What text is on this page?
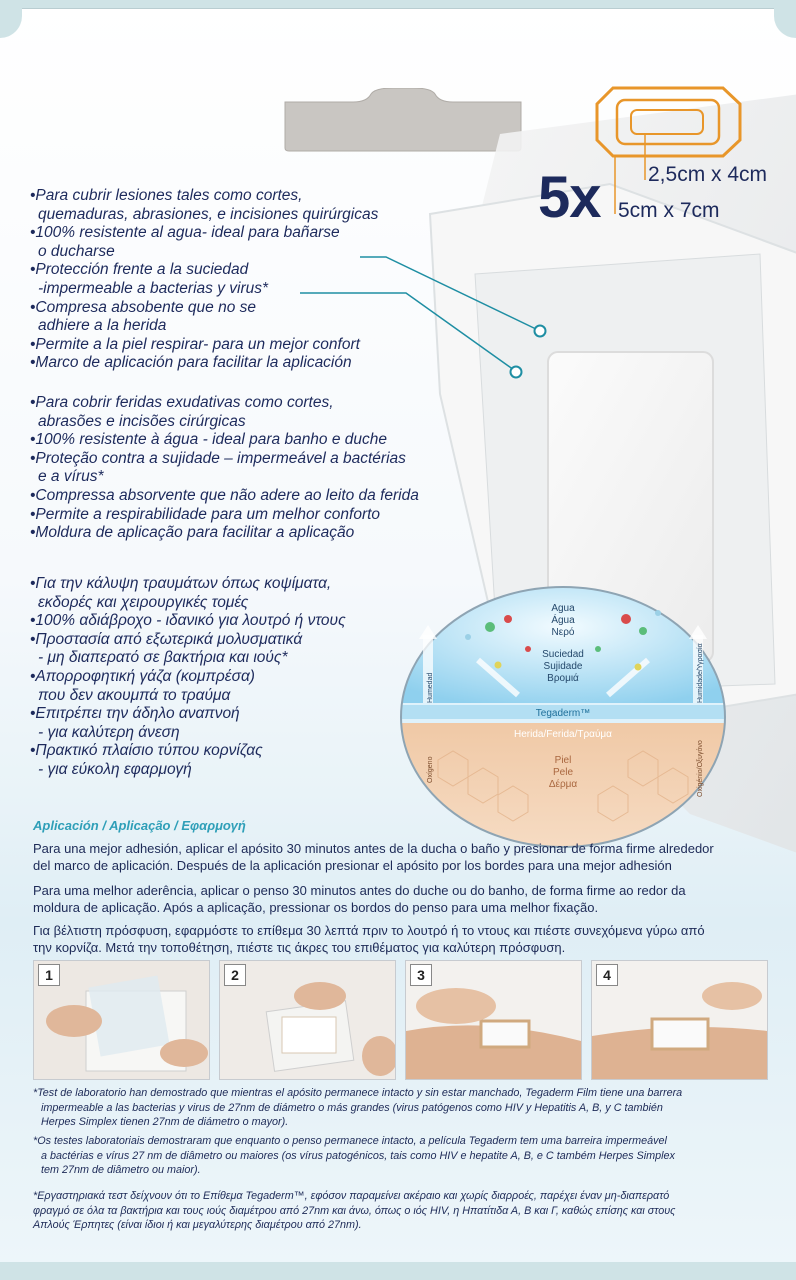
5x 2,5cm x 4cm
5cm x 7cm
•Para cubrir lesiones tales como cortes,
quemaduras, abrasiones, e incisiones quirúrgicas
•100% resistente al agua- ideal para bañarse
o ducharse
•Protección frente a la suciedad
-impermeable a bacterias y virus*
•Compresa absobente que no se
adhiere a la herida
•Permite a la piel respirar- para un mejor confort
•Marco de aplicación para facilitar la aplicación
•Para cobrir feridas exudativas como cortes,
abrasões e incisões cirúrgicas
•100% resistente à água - ideal para banho e duche
•Proteção contra a sujidade – impermeável a bactérias
e a vírus*
•Compressa absorvente que não adere ao leito da ferida
•Permite a respirabilidade para um melhor conforto
•Moldura de aplicação para facilitar a aplicação
•Για την κάλυψη τραυμάτων όπως κοψίματα,
εκδορές και χειρουργικές τομές
•100% αδιάβροχο - ιδανικό για λουτρό ή ντους
•Προστασία από εξωτερικά μολυσματικά
- μη διαπερατό σε βακτήρια και ιούς*
•Απορροφητική γάζα (κομπρέσα)
που δεν ακουμπά το τραύμα
•Επιτρέπει την άδηλο αναπνοή
- για καλύτερη άνεση
•Πρακτικό πλαίσιο τύπου κορνίζας
- για εύκολη εφαρμογή
Agua
Água
Νερό
Suciedad
Sujidade
Βρομιά
Humedad	Humidade/Υγρασία
Tegaderm™
Herida/Ferida/Τραύμα
Oxígeno	Oxigénio/Οξυγόνο
Piel
Pele
Δέρμα
Aplicación / Aplicação / Εφαρμογή
Para una mejor adhesión, aplicar el apósito 30 minutos antes de la ducha o baño y presionar de forma firme alrededor
del marco de aplicación. Después de la aplicación presionar el apósito por los bordes para una mejor adhesión
Para uma melhor aderência, aplicar o penso 30 minutos antes do duche ou do banho, de forma firme ao redor da
moldura de aplicação. Após a aplicação, pressionar os bordos do penso para uma melhor fixação.
Για βέλτιστη πρόσφυση, εφαρμόστε το επίθεμα 30 λεπτά πριν το λουτρό ή το ντους και πιέστε συνεχόμενα γύρω από
την κορνίζα. Μετά την τοποθέτηση, πιέστε τις άκρες του επιθέματος για καλύτερη πρόσφυση.
1	2	3	4
*Test de laboratorio han demostrado que mientras el apósito permanece intacto y sin estar manchado, Tegaderm Film tiene una barrera
impermeable a las bacterias y virus de 27nm de diámetro o más grandes (virus patógenos como HIV y Hepatitis A, B, y C también
Herpes Simplex tienen 27nm de diámetro o mayor).
*Os testes laboratoriais demostraram que enquanto o penso permanece intacto, a película Tegaderm tem uma barreira impermeável
a bactérias e vírus 27 nm de diâmetro ou maiores (os vírus patogénicos, tais como HIV e hepatite A, B, e C também Herpes Simplex
tem 27nm de diâmetro ou maior).
*Εργαστηριακά τεστ δείχνουν ότι το Επίθεμα Tegaderm™, εφόσον παραμείνει ακέραιο και χωρίς διαρροές, παρέχει έναν μη-διαπερατό
φραγμό σε όλα τα βακτήρια και τους ιούς διαμέτρου από 27nm και άνω, όπως ο ιός HIV, η Ηπατίτιδα Α, Β και Γ, καθώς επίσης και στους
Απλούς Έρπητες (είναι ίδιοι ή και μεγαλύτερης διαμέτρου από 27nm).
